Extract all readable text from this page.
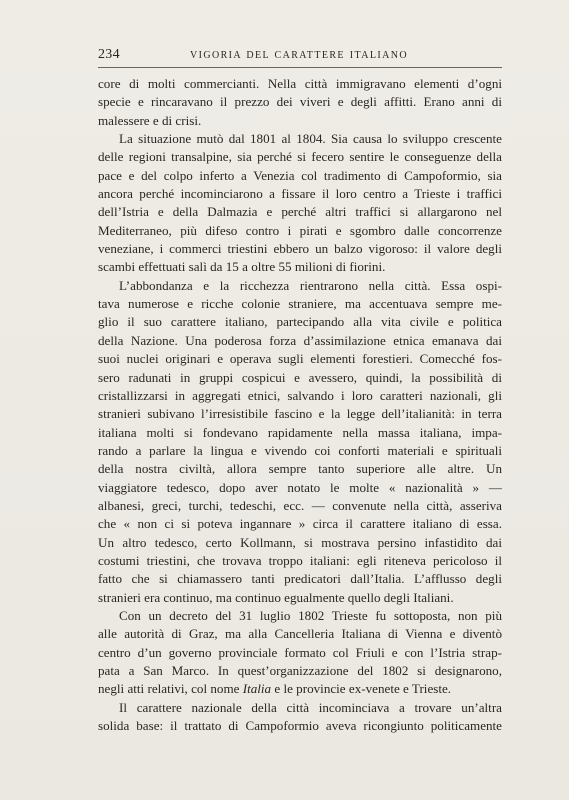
234	VIGORIA DEL CARATTERE ITALIANO
core di molti commercianti. Nella città immigravano elementi d’ogni
specie e rincaravano il prezzo dei viveri e degli affitti. Erano anni di
malessere e di crisi.
La situazione mutò dal 1801 al 1804. Sia causa lo sviluppo crescente
delle regioni transalpine, sia perché si fecero sentire le conseguenze della
pace e del colpo inferto a Venezia col tradimento di Campoformio, sia
ancora perché incominciarono a fissare il loro centro a Trieste i traffici
dell’Istria e della Dalmazia e perché altri traffici si allargarono nel
Mediterraneo, più difeso contro i pirati e sgombro dalle concorrenze
veneziane, i commerci triestini ebbero un balzo vigoroso: il valore degli
scambi effettuati salì da 15 a oltre 55 milioni di fiorini.
L’abbondanza e la ricchezza rientrarono nella città. Essa ospi-
tava numerose e ricche colonie straniere, ma accentuava sempre me-
glio il suo carattere italiano, partecipando alla vita civile e politica
della Nazione. Una poderosa forza d’assimilazione etnica emanava dai
suoi nuclei originari e operava sugli elementi forestieri. Comecché fos-
sero radunati in gruppi cospicui e avessero, quindi, la possibilità di
cristallizzarsi in aggregati etnici, salvando i loro caratteri nazionali, gli
stranieri subivano l’irresistibile fascino e la legge dell’italianità: in terra
italiana molti si fondevano rapidamente nella massa italiana, impa-
rando a parlare la lingua e vivendo coi conforti materiali e spirituali
della nostra civiltà, allora sempre tanto superiore alle altre. Un
viaggiatore tedesco, dopo aver notato le molte « nazionalità » —
albanesi, greci, turchi, tedeschi, ecc. — convenute nella città, asseriva
che « non ci si poteva ingannare » circa il carattere italiano di essa.
Un altro tedesco, certo Kollmann, si mostrava persino infastidito dai
costumi triestini, che trovava troppo italiani: egli riteneva pericoloso il
fatto che si chiamassero tanti predicatori dall’Italia. L’afflusso degli
stranieri era continuo, ma continuo egualmente quello degli Italiani.
Con un decreto del 31 luglio 1802 Trieste fu sottoposta, non più
alle autorità di Graz, ma alla Cancelleria Italiana di Vienna e diventò
centro d’un governo provinciale formato col Friuli e con l’Istria strap-
pata a San Marco. In quest’organizzazione del 1802 si designarono,
negli atti relativi, col nome Italia e le provincie ex-venete e Trieste.
Il carattere nazionale della città incominciava a trovare un’altra
solida base: il trattato di Campoformio aveva ricongiunto politicamente
